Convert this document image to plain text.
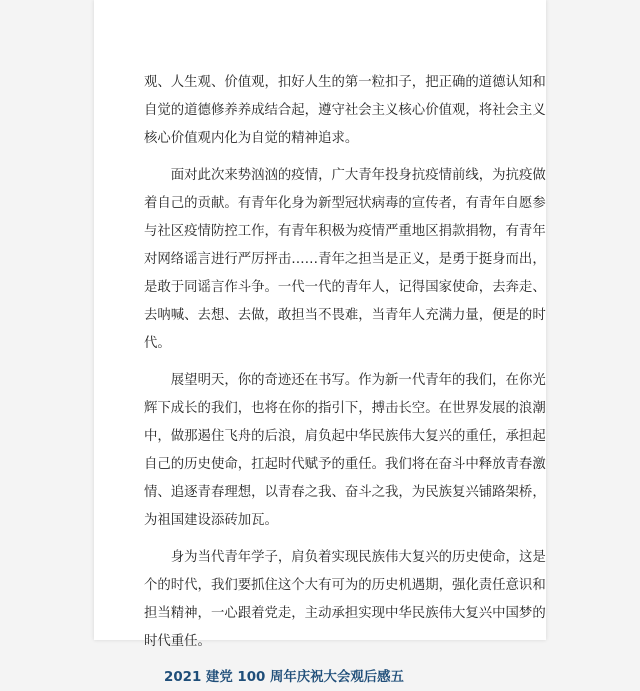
观、人生观、价值观，扣好人生的第一粒扣子，把正确的道德认知和
自觉的道德修养养成结合起，遵守社会主义核心价值观，将社会主义
核心价值观内化为自觉的精神追求。
面对此次来势汹汹的疫情，广大青年投身抗疫情前线，为抗疫做
着自己的贡献。有青年化身为新型冠状病毒的宣传者，有青年自愿参
与社区疫情防控工作，有青年积极为疫情严重地区捐款捐物，有青年
对网络谣言进行严厉抨击……青年之担当是正义，是勇于挺身而出，
是敢于同谣言作斗争。一代一代的青年人，记得国家使命，去奔走、
去呐喊、去想、去做，敢担当不畏难，当青年人充满力量，便是的时
代。
展望明天，你的奇迹还在书写。作为新一代青年的我们，在你光
辉下成长的我们，也将在你的指引下，搏击长空。在世界发展的浪潮
中，做那遏住飞舟的后浪，肩负起中华民族伟大复兴的重任，承担起
自己的历史使命，扛起时代赋予的重任。我们将在奋斗中释放青春激
情、追逐青春理想，以青春之我、奋斗之我，为民族复兴铺路架桥，
为祖国建设添砖加瓦。
身为当代青年学子，肩负着实现民族伟大复兴的历史使命，这是
个的时代，我们要抓住这个大有可为的历史机遇期，强化责任意识和
担当精神，一心跟着党走，主动承担实现中华民族伟大复兴中国梦的
时代重任。
2021 建党 100 周年庆祝大会观后感五
